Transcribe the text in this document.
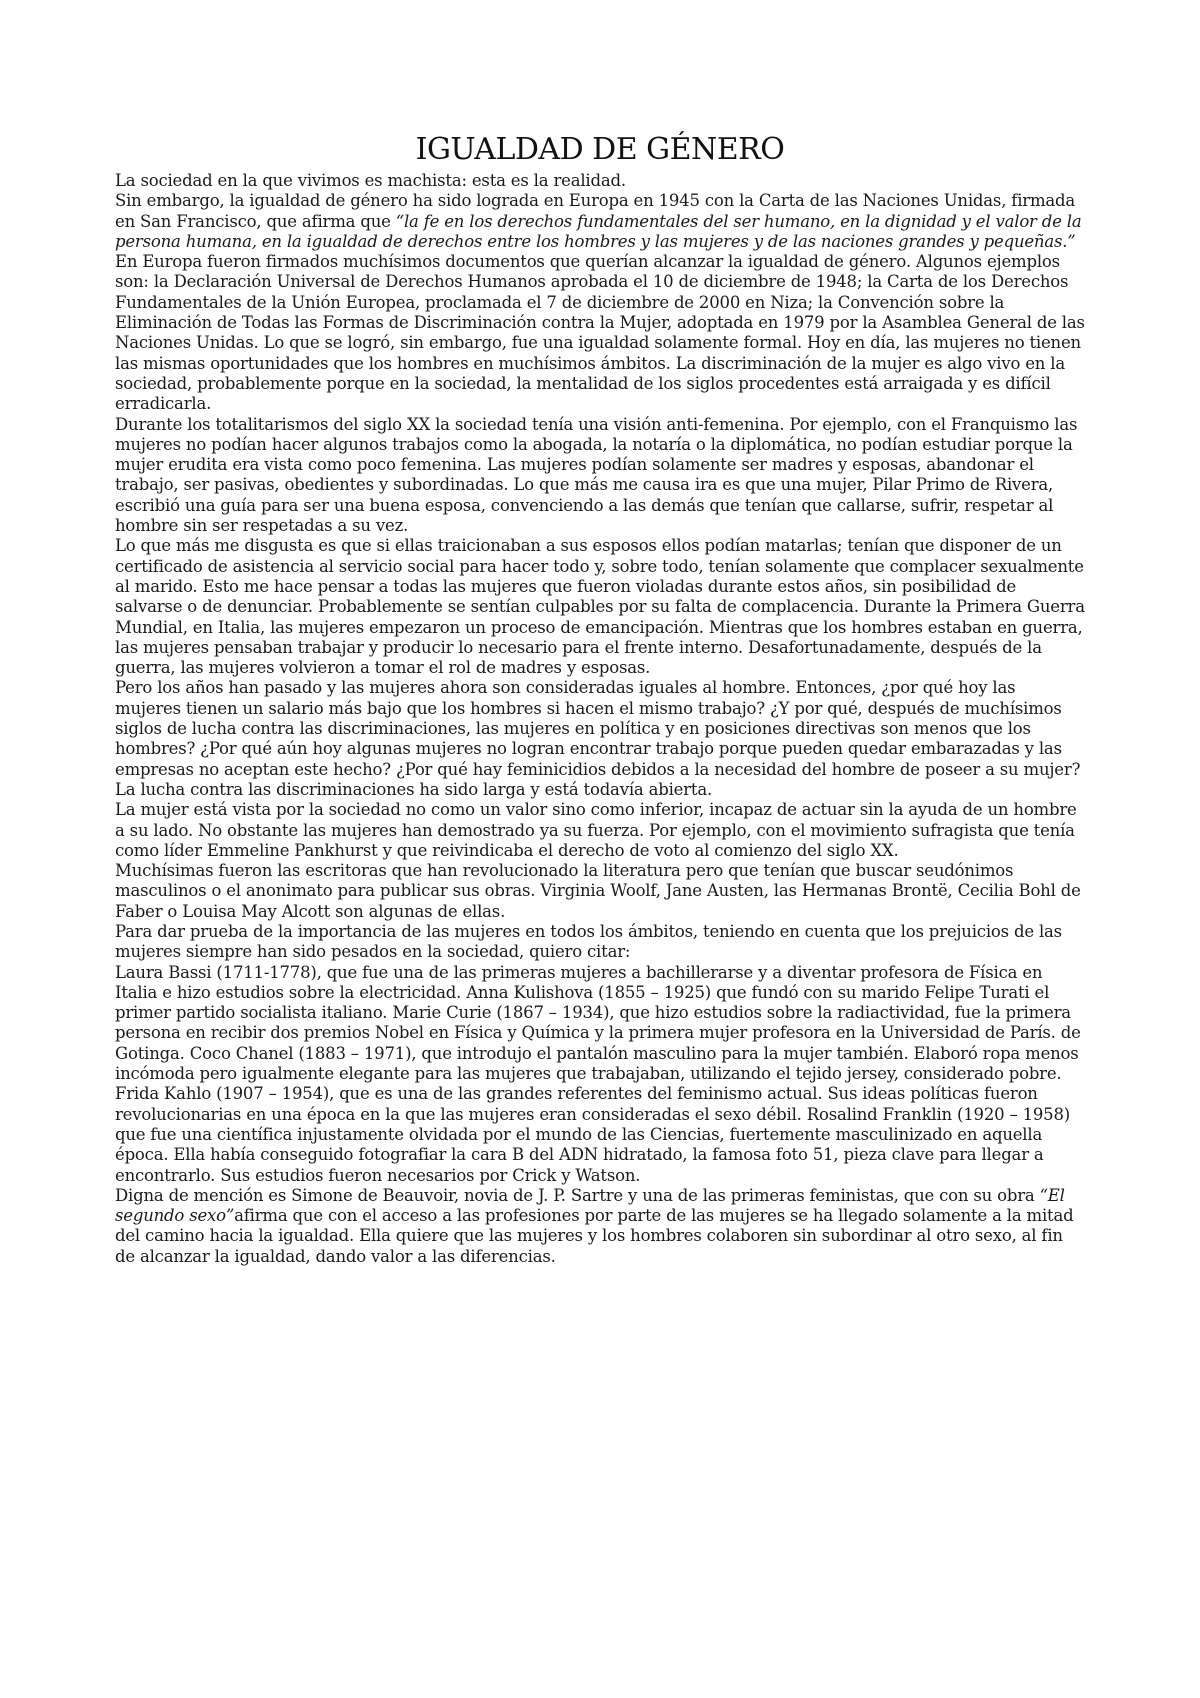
IGUALDAD DE GÉNERO

La sociedad en la que vivimos es machista: esta es la realidad.

Sin embargo, la igualdad de género ha sido lograda en Europa en 1945 con la Carta de las Naciones Unidas, firmada en San Francisco, que afirma que “la fe en los derechos fundamentales del ser humano, en la dignidad y el valor de la persona humana, en la igualdad de derechos entre los hombres y las mujeres y de las naciones grandes y pequeñas.”

En Europa fueron firmados muchísimos documentos que querían alcanzar la igualdad de género. Algunos ejemplos son: la Declaración Universal de Derechos Humanos aprobada el 10 de diciembre de 1948; la Carta de los Derechos Fundamentales de la Unión Europea, proclamada el 7 de diciembre de 2000 en Niza; la Convención sobre la Eliminación de Todas las Formas de Discriminación contra la Mujer, adoptada en 1979 por la Asamblea General de las Naciones Unidas. Lo que se logró, sin embargo, fue una igualdad solamente formal. Hoy en día, las mujeres no tienen las mismas oportunidades que los hombres en muchísimos ámbitos. La discriminación de la mujer es algo vivo en la sociedad, probablemente porque en la sociedad, la mentalidad de los siglos procedentes está arraigada y es difícil erradicarla.

Durante los totalitarismos del siglo XX la sociedad tenía una visión anti-femenina. Por ejemplo, con el Franquismo las mujeres no podían hacer algunos trabajos como la abogada, la notaría o la diplomática, no podían estudiar porque la mujer erudita era vista como poco femenina. Las mujeres podían solamente ser madres y esposas, abandonar el trabajo, ser pasivas, obedientes y subordinadas. Lo que más me causa ira es que una mujer, Pilar Primo de Rivera, escribió una guía para ser una buena esposa, convenciendo a las demás que tenían que callarse, sufrir, respetar al hombre sin ser respetadas a su vez.

Lo que más me disgusta es que si ellas traicionaban a sus esposos ellos podían matarlas; tenían que disponer de un certificado de asistencia al servicio social para hacer todo y, sobre todo, tenían solamente que complacer sexualmente al marido. Esto me hace pensar a todas las mujeres que fueron violadas durante estos años, sin posibilidad de salvarse o de denunciar. Probablemente se sentían culpables por su falta de complacencia. Durante la Primera Guerra Mundial, en Italia, las mujeres empezaron un proceso de emancipación. Mientras que los hombres estaban en guerra, las mujeres pensaban trabajar y producir lo necesario para el frente interno. Desafortunadamente, después de la guerra, las mujeres volvieron a tomar el rol de madres y esposas.

Pero los años han pasado y las mujeres ahora son consideradas iguales al hombre. Entonces, ¿por qué hoy las mujeres tienen un salario más bajo que los hombres si hacen el mismo trabajo? ¿Y por qué, después de muchísimos siglos de lucha contra las discriminaciones, las mujeres en política y en posiciones directivas son menos que los hombres? ¿Por qué aún hoy algunas mujeres no logran encontrar trabajo porque pueden quedar embarazadas y las empresas no aceptan este hecho? ¿Por qué hay feminicidios debidos a la necesidad del hombre de poseer a su mujer?

La lucha contra las discriminaciones ha sido larga y está todavía abierta.

La mujer está vista por la sociedad no como un valor sino como inferior, incapaz de actuar sin la ayuda de un hombre a su lado. No obstante las mujeres han demostrado ya su fuerza. Por ejemplo, con el movimiento sufragista que tenía como líder Emmeline Pankhurst y que reivindicaba el derecho de voto al comienzo del siglo XX.

Muchísimas fueron las escritoras que han revolucionado la literatura pero que tenían que buscar seudónimos masculinos o el anonimato para publicar sus obras. Virginia Woolf, Jane Austen, las Hermanas Brontë, Cecilia Bohl de Faber o Louisa May Alcott son algunas de ellas.

Para dar prueba de la importancia de las mujeres en todos los ámbitos, teniendo en cuenta que los prejuicios de las mujeres siempre han sido pesados en la sociedad, quiero citar:

Laura Bassi (1711-1778), que fue una de las primeras mujeres a bachillerarse y a diventar profesora de Física en Italia e hizo estudios sobre la electricidad. Anna Kulishova (1855 – 1925) que fundó con su marido Felipe Turati el primer partido socialista italiano. Marie Curie (1867 – 1934), que hizo estudios sobre la radiactividad, fue la primera persona en recibir dos premios Nobel en Física y Química y la primera mujer profesora en la Universidad de París. de Gotinga. Coco Chanel (1883 – 1971), que introdujo el pantalón masculino para la mujer también. Elaboró ropa menos incómoda pero igualmente elegante para las mujeres que trabajaban, utilizando el tejido jersey, considerado pobre. Frida Kahlo (1907 – 1954), que es una de las grandes referentes del feminismo actual. Sus ideas políticas fueron revolucionarias en una época en la que las mujeres eran consideradas el sexo débil. Rosalind Franklin (1920 – 1958) que fue una científica injustamente olvidada por el mundo de las Ciencias, fuertemente masculinizado en aquella época. Ella había conseguido fotografiar la cara B del ADN hidratado, la famosa foto 51, pieza clave para llegar a encontrarlo. Sus estudios fueron necesarios por Crick y Watson.

Digna de mención es Simone de Beauvoir, novia de J. P. Sartre y una de las primeras feministas, que con su obra “El segundo sexo”afirma que con el acceso a las profesiones por parte de las mujeres se ha llegado solamente a la mitad del camino hacia la igualdad. Ella quiere que las mujeres y los hombres colaboren sin subordinar al otro sexo, al fin de alcanzar la igualdad, dando valor a las diferencias.
